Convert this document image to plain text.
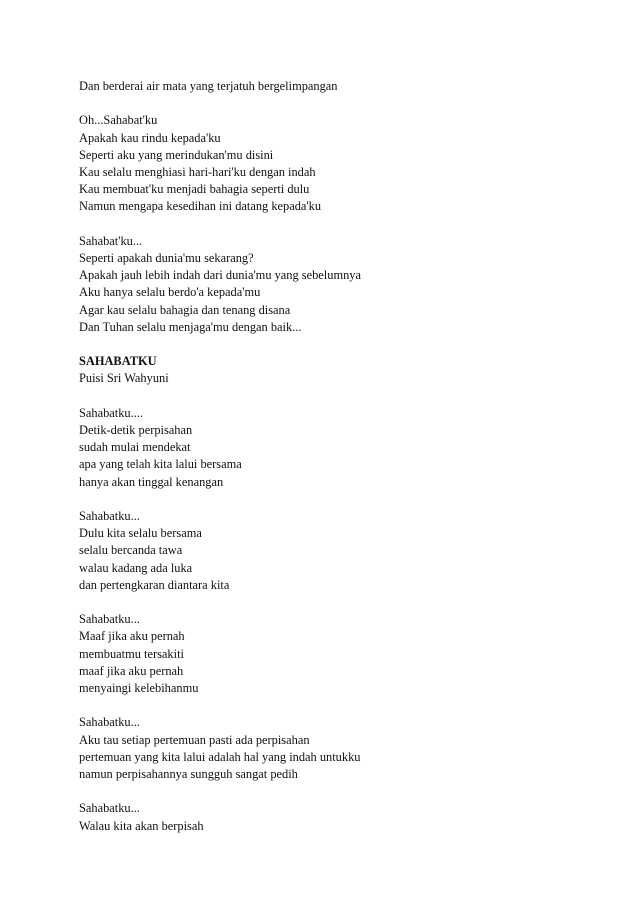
Dan berderai air mata yang terjatuh bergelimpangan
Oh...Sahabat'ku
Apakah kau rindu kepada'ku
Seperti aku yang merindukan'mu disini
Kau selalu menghiasi hari-hari'ku dengan indah
Kau membuat'ku menjadi bahagia seperti dulu
Namun mengapa kesedihan ini datang kepada'ku
Sahabat'ku...
Seperti apakah dunia'mu sekarang?
Apakah jauh lebih indah dari dunia'mu yang sebelumnya
Aku hanya selalu berdo'a kepada'mu
Agar kau selalu bahagia dan tenang disana
Dan Tuhan selalu menjaga'mu dengan baik...
SAHABATKU
Puisi Sri Wahyuni
Sahabatku....
Detik-detik perpisahan
sudah mulai mendekat
apa yang telah kita lalui bersama
hanya akan tinggal kenangan
Sahabatku...
Dulu kita selalu bersama
selalu bercanda tawa
walau kadang ada luka
dan pertengkaran diantara kita
Sahabatku...
Maaf jika aku pernah
membuatmu tersakiti
maaf jika aku pernah
menyaingi kelebihanmu
Sahabatku...
Aku tau setiap pertemuan pasti ada perpisahan
pertemuan yang kita lalui adalah hal yang indah untukku
namun perpisahannya sungguh sangat pedih
Sahabatku...
Walau kita akan berpisah
